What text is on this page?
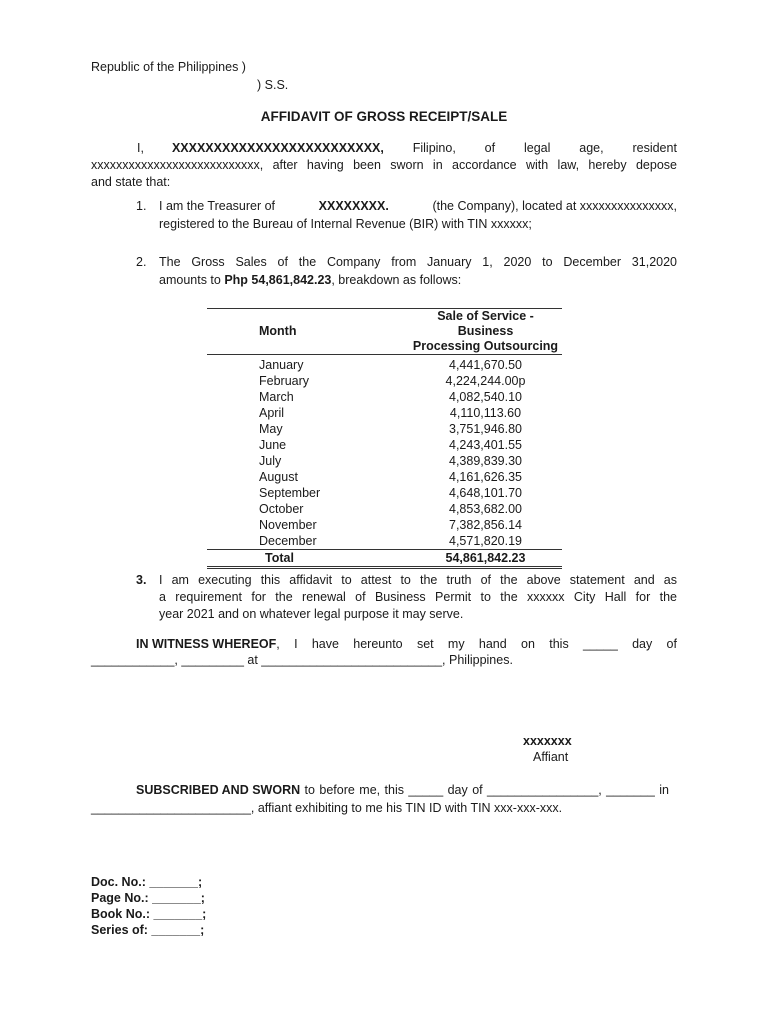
Republic of the Philippines )
) S.S.
AFFIDAVIT OF GROSS RECEIPT/SALE
I, XXXXXXXXXXXXXXXXXXXXXXXXX, Filipino, of legal age, resident
xxxxxxxxxxxxxxxxxxxxxxxxxxx, after having been sworn in accordance with law, hereby depose
and state that:
1. I am the Treasurer of	XXXXXXXX.	(the Company), located at xxxxxxxxxxxxxxx,
registered to the Bureau of Internal Revenue (BIR) with TIN xxxxxx;
2. The Gross Sales of the Company from January 1, 2020 to December 31,2020
amounts to Php 54,861,842.23, breakdown as follows:
Month	Sale of Service - Business
Processing Outsourcing

January	4,441,670.50
February	4,224,244.00p
March	4,082,540.10
April	4,110,113.60
May	3,751,946.80
June	4,243,401.55
July	4,389,839.30
August	4,161,626.35
September	4,648,101.70
October	4,853,682.00
November	7,382,856.14
December	4,571,820.19
Total	54,861,842.23
3. I am executing this affidavit to attest to the truth of the above statement and as
a requirement for the renewal of Business Permit to the xxxxxx City Hall for the
year 2021 and on whatever legal purpose it may serve.
IN WITNESS WHEREOF , I have hereunto set my hand on this _____ day of
____________, _________ at __________________________, Philippines.
xxxxxxx
Affiant
SUBSCRIBED AND SWORN to before me, this _____ day of ________________, _______ in
_______________________, affiant exhibiting to me his TIN ID with TIN xxx-xxx-xxx.
Doc. No.: _______;
Page No.: _______;
Book No.: _______;
Series of: _______;
